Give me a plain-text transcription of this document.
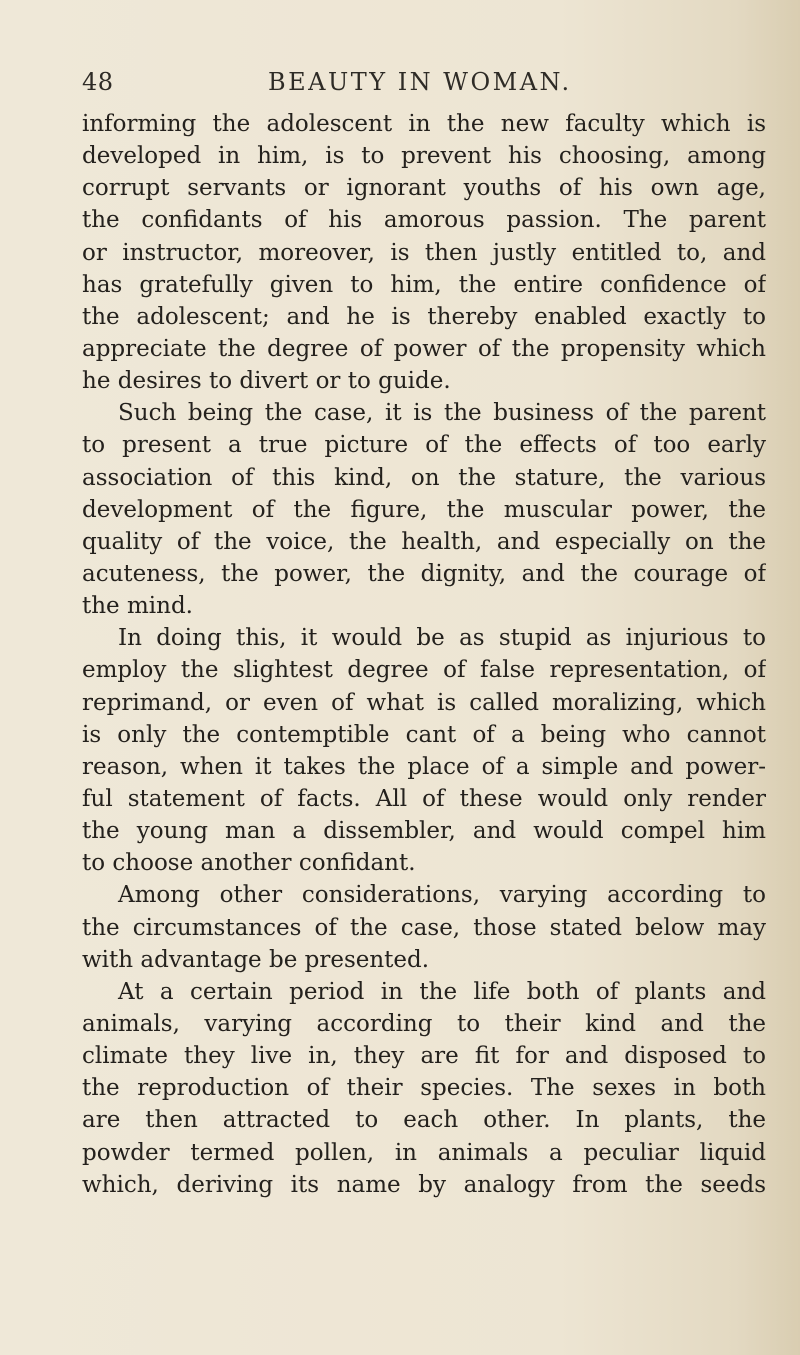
48	BEAUTY IN WOMAN.
informing the adolescent in the new faculty which is
developed in him, is to prevent his choosing, among
corrupt servants or ignorant youths of his own age,
the confidants of his amorous passion. The parent
or instructor, moreover, is then justly entitled to, and
has gratefully given to him, the entire confidence of
the adolescent; and he is thereby enabled exactly to
appreciate the degree of power of the propensity which
he desires to divert or to guide.
Such being the case, it is the business of the parent
to present a true picture of the effects of too early
association of this kind, on the stature, the various
development of the figure, the muscular power, the
quality of the voice, the health, and especially on the
acuteness, the power, the dignity, and the courage of
the mind.
In doing this, it would be as stupid as injurious to
employ the slightest degree of false representation, of
reprimand, or even of what is called moralizing, which
is only the contemptible cant of a being who cannot
reason, when it takes the place of a simple and power-
ful statement of facts. All of these would only render
the young man a dissembler, and would compel him
to choose another confidant.
Among other considerations, varying according to
the circumstances of the case, those stated below may
with advantage be presented.
At a certain period in the life both of plants and
animals, varying according to their kind and the
climate they live in, they are fit for and disposed to
the reproduction of their species. The sexes in both
are then attracted to each other. In plants, the
powder termed pollen, in animals a peculiar liquid
which, deriving its name by analogy from the seeds
